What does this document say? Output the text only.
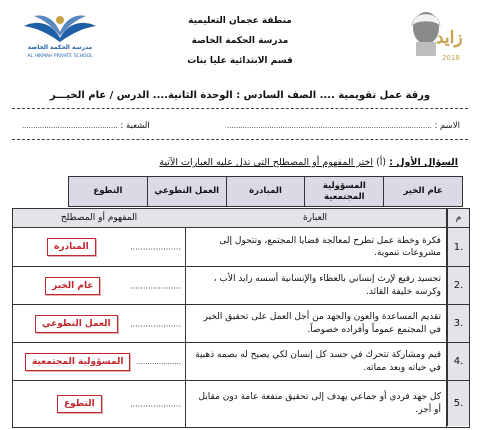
منطقة عجمان التعليمية
مدرسة الحكمة الخاصة
قسم الابتدائية عليا بنات
مدرسة الحكمة الخاصة
AL HIKMAH PRIVATE SCHOOL
زايد
2018
ورقة عمل تقويمية .... الصف السادس : الوحدة الثانية.... الدرس / عام الخيـــر
الاسم : ............................................................................................
الشعبة : ...........................................
السؤال الأول : (أ) اختر المفهوم أو المصطلح التي تدل عليه العبارات الآتية
عام الخير
المسؤولية المجتمعية
المبادرة
العمل التطوعي
التطوع
م
العبارة
المفهوم أو المصطلح
1.
فكرة وخطة عمل تطرح لمعالجة قضايا المجتمع، وتتحول إلى مشروعات تنموية.
....................
المبادرة
2.
تجسيد رفيع لإرث إنساني بالعطاء والإنسانية أسسه زايد الأب ، وكرسه خليفة القائد.
....................
عام الخير
3.
تقديم المساعدة والعون والجهد من أجل العمل على تحقيق الخير في المجتمع عموماً وأفراده خصوصاً.
....................
العمل التطوعي
4.
قيم ومشاركة تتحرك في جسد كل إنسان لكي يصبح له بصمه ذهبية في حياته وبعد مماته.
....................
المسؤولية المجتمعية
5.
كل جهد فردي أو جماعي يهدف إلى تحقيق منفعة عامة دون مقابل أو أجر.
....................
التطوع
